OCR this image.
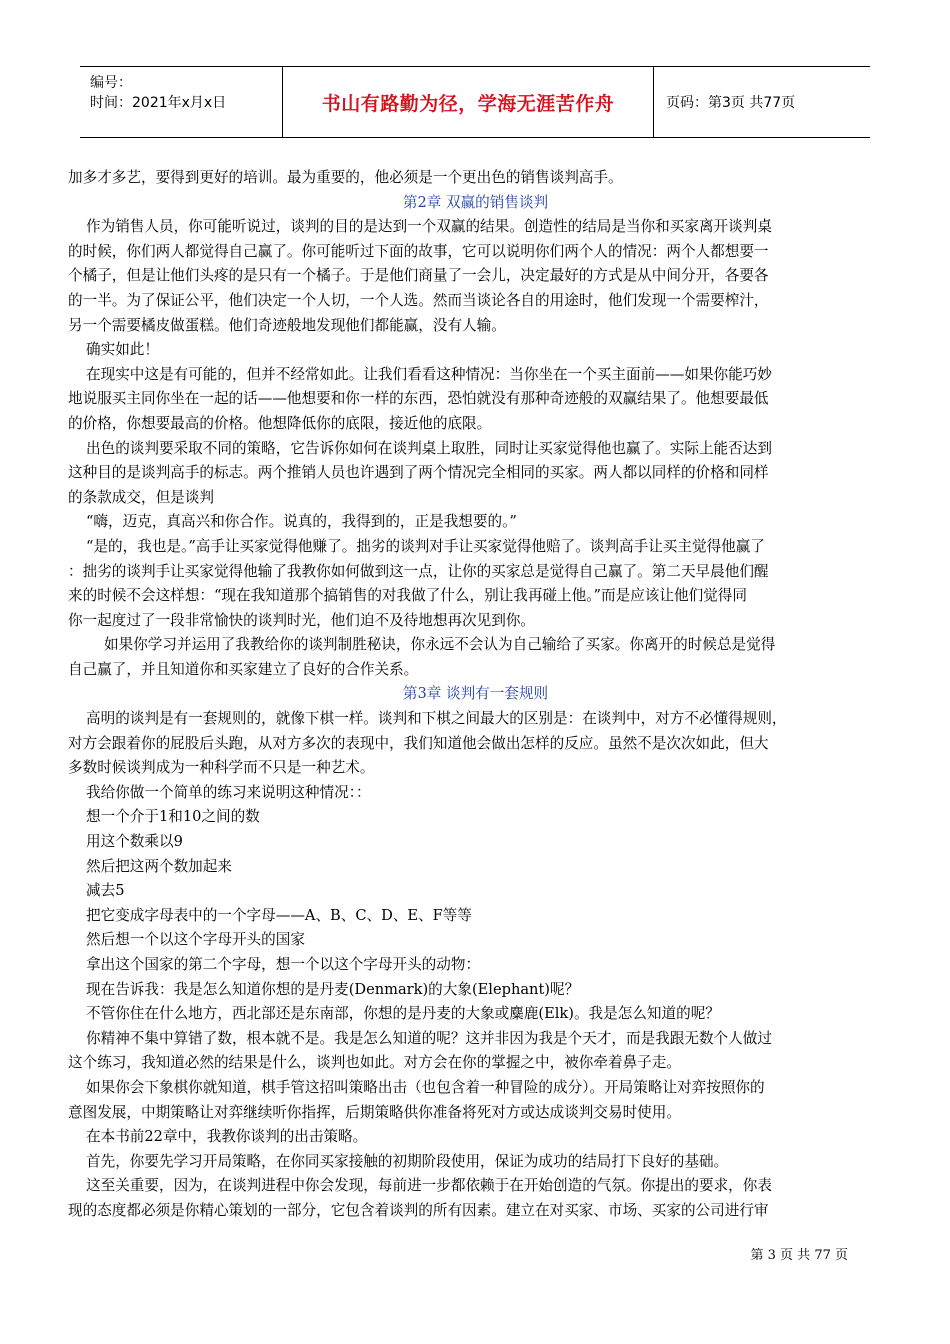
编号：
时间：2021年x月x日	书山有路勤为径，学海无涯苦作舟	页码：第3页 共77页
加多才多艺，要得到更好的培训。最为重要的，他必须是一个更出色的销售谈判高手。
第2章 双赢的销售谈判
作为销售人员，你可能听说过，谈判的目的是达到一个双赢的结果。创造性的结局是当你和买家离开谈判桌
的时候，你们两人都觉得自己赢了。你可能听过下面的故事，它可以说明你们两个人的情况：两个人都想要一
个橘子，但是让他们头疼的是只有一个橘子。于是他们商量了一会儿，决定最好的方式是从中间分开，各要各
的一半。为了保证公平，他们决定一个人切，一个人选。然而当谈论各自的用途时，他们发现一个需要榨汁，
另一个需要橘皮做蛋糕。他们奇迹般地发现他们都能赢，没有人输。
确实如此！
在现实中这是有可能的，但并不经常如此。让我们看看这种情况：当你坐在一个买主面前——如果你能巧妙
地说服买主同你坐在一起的话——他想要和你一样的东西，恐怕就没有那种奇迹般的双赢结果了。他想要最低
的价格，你想要最高的价格。他想降低你的底限，接近他的底限。
出色的谈判要采取不同的策略，它告诉你如何在谈判桌上取胜，同时让买家觉得他也赢了。实际上能否达到
这种目的是谈判高手的标志。两个推销人员也许遇到了两个情况完全相同的买家。两人都以同样的价格和同样
的条款成交，但是谈判
“嗨，迈克，真高兴和你合作。说真的，我得到的，正是我想要的。”
“是的，我也是。”高手让买家觉得他赚了。拙劣的谈判对手让买家觉得他赔了。谈判高手让买主觉得他赢了
：拙劣的谈判手让买家觉得他输了我教你如何做到这一点，让你的买家总是觉得自己赢了。第二天早晨他们醒
来的时候不会这样想：“现在我知道那个搞销售的对我做了什么，别让我再碰上他。”而是应该让他们觉得同
你一起度过了一段非常愉快的谈判时光，他们迫不及待地想再次见到你。
如果你学习并运用了我教给你的谈判制胜秘诀，你永远不会认为自己输给了买家。你离开的时候总是觉得
自己赢了，并且知道你和买家建立了良好的合作关系。
第3章 谈判有一套规则
高明的谈判是有一套规则的，就像下棋一样。谈判和下棋之间最大的区别是：在谈判中，对方不必懂得规则，
对方会跟着你的屁股后头跑，从对方多次的表现中，我们知道他会做出怎样的反应。虽然不是次次如此，但大
多数时候谈判成为一种科学而不只是一种艺术。
我给你做一个简单的练习来说明这种情况：：
想一个介于1和10之间的数
用这个数乘以9
然后把这两个数加起来
减去5
把它变成字母表中的一个字母——A、B、C、D、E、F等等
然后想一个以这个字母开头的国家
拿出这个国家的第二个字母，想一个以这个字母开头的动物：
现在告诉我：我是怎么知道你想的是丹麦(Denmark)的大象(Elephant)呢？
不管你住在什么地方，西北部还是东南部，你想的是丹麦的大象或麋鹿(Elk)。我是怎么知道的呢？
你精神不集中算错了数，根本就不是。我是怎么知道的呢？这并非因为我是个天才，而是我跟无数个人做过
这个练习，我知道必然的结果是什么，谈判也如此。对方会在你的掌握之中，被你牵着鼻子走。
如果你会下象棋你就知道，棋手管这招叫策略出击（也包含着一种冒险的成分）。开局策略让对弈按照你的
意图发展，中期策略让对弈继续听你指挥，后期策略供你准备将死对方或达成谈判交易时使用。
在本书前22章中，我教你谈判的出击策略。
首先，你要先学习开局策略，在你同买家接触的初期阶段使用，保证为成功的结局打下良好的基础。
这至关重要，因为，在谈判进程中你会发现，每前进一步都依赖于在开始创造的气氛。你提出的要求，你表
现的态度都必须是你精心策划的一部分，它包含着谈判的所有因素。建立在对买家、市场、买家的公司进行审
第 3 页 共 77 页
